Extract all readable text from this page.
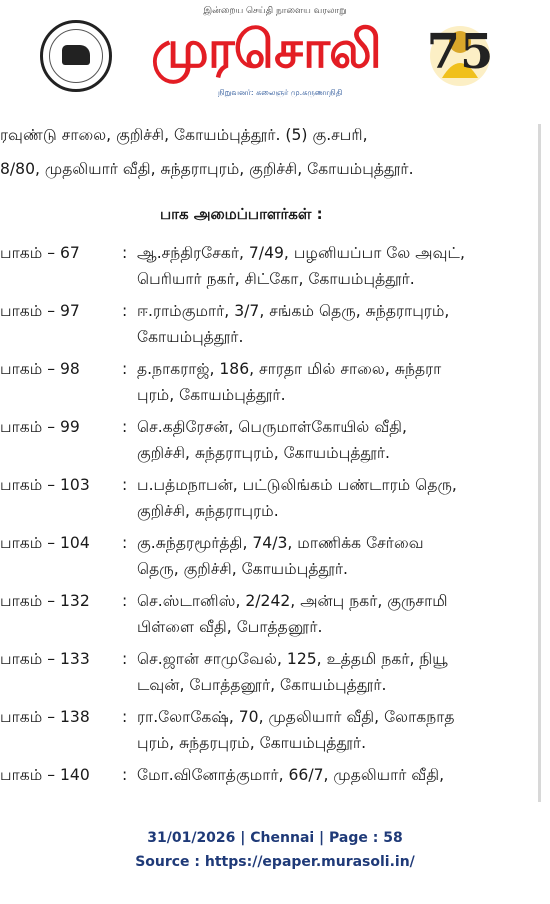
இன்றைய செய்தி நாளைய வரலாறு
முரசொலி
நிறுவனர்: கலைஞர் மு.கருணாநிதி
75
ரவுண்டு சாலை, குறிச்சி, கோயம்புத்தூர். (5) கு.சபரி,
8/80, முதலியார் வீதி, சுந்தராபுரம், குறிச்சி, கோயம்புத்தூர்.
பாக அமைப்பாளர்கள் :
பாகம் – 67	: ஆ.சந்திரசேகர், 7/49, பழனியப்பா லே அவுட்,
பெரியார் நகர், சிட்கோ, கோயம்புத்தூர்.
பாகம் – 97	: ஈ.ராம்குமார், 3/7, சங்கம் தெரு, சுந்தராபுரம்,
கோயம்புத்தூர்.
பாகம் – 98	: த.நாகராஜ், 186, சாரதா மில் சாலை, சுந்தரா
புரம், கோயம்புத்தூர்.
பாகம் – 99	: செ.கதிரேசன், பெருமாள்கோயில் வீதி,
குறிச்சி, சுந்தராபுரம், கோயம்புத்தூர்.
பாகம் – 103 : ப.பத்மநாபன், பட்டுலிங்கம் பண்டாரம் தெரு,
குறிச்சி, சுந்தராபுரம்.
பாகம் – 104 : கு.சுந்தரமூர்த்தி, 74/3, மாணிக்க சேர்வை
தெரு, குறிச்சி, கோயம்புத்தூர்.
பாகம் – 132 : செ.ஸ்டானிஸ், 2/242, அன்பு நகர், குருசாமி
பிள்ளை வீதி, போத்தனூர்.
பாகம் – 133 : செ.ஜான் சாமுவேல், 125, உத்தமி நகர், நியூ
டவுன், போத்தனூர், கோயம்புத்தூர்.
பாகம் – 138 : ரா.லோகேஷ், 70, முதலியார் வீதி, லோகநாத
புரம், சுந்தரபுரம், கோயம்புத்தூர்.
பாகம் – 140 : மோ.வினோத்குமார், 66/7, முதலியார் வீதி,
31/01/2026 | Chennai | Page : 58
Source : https://epaper.murasoli.in/
